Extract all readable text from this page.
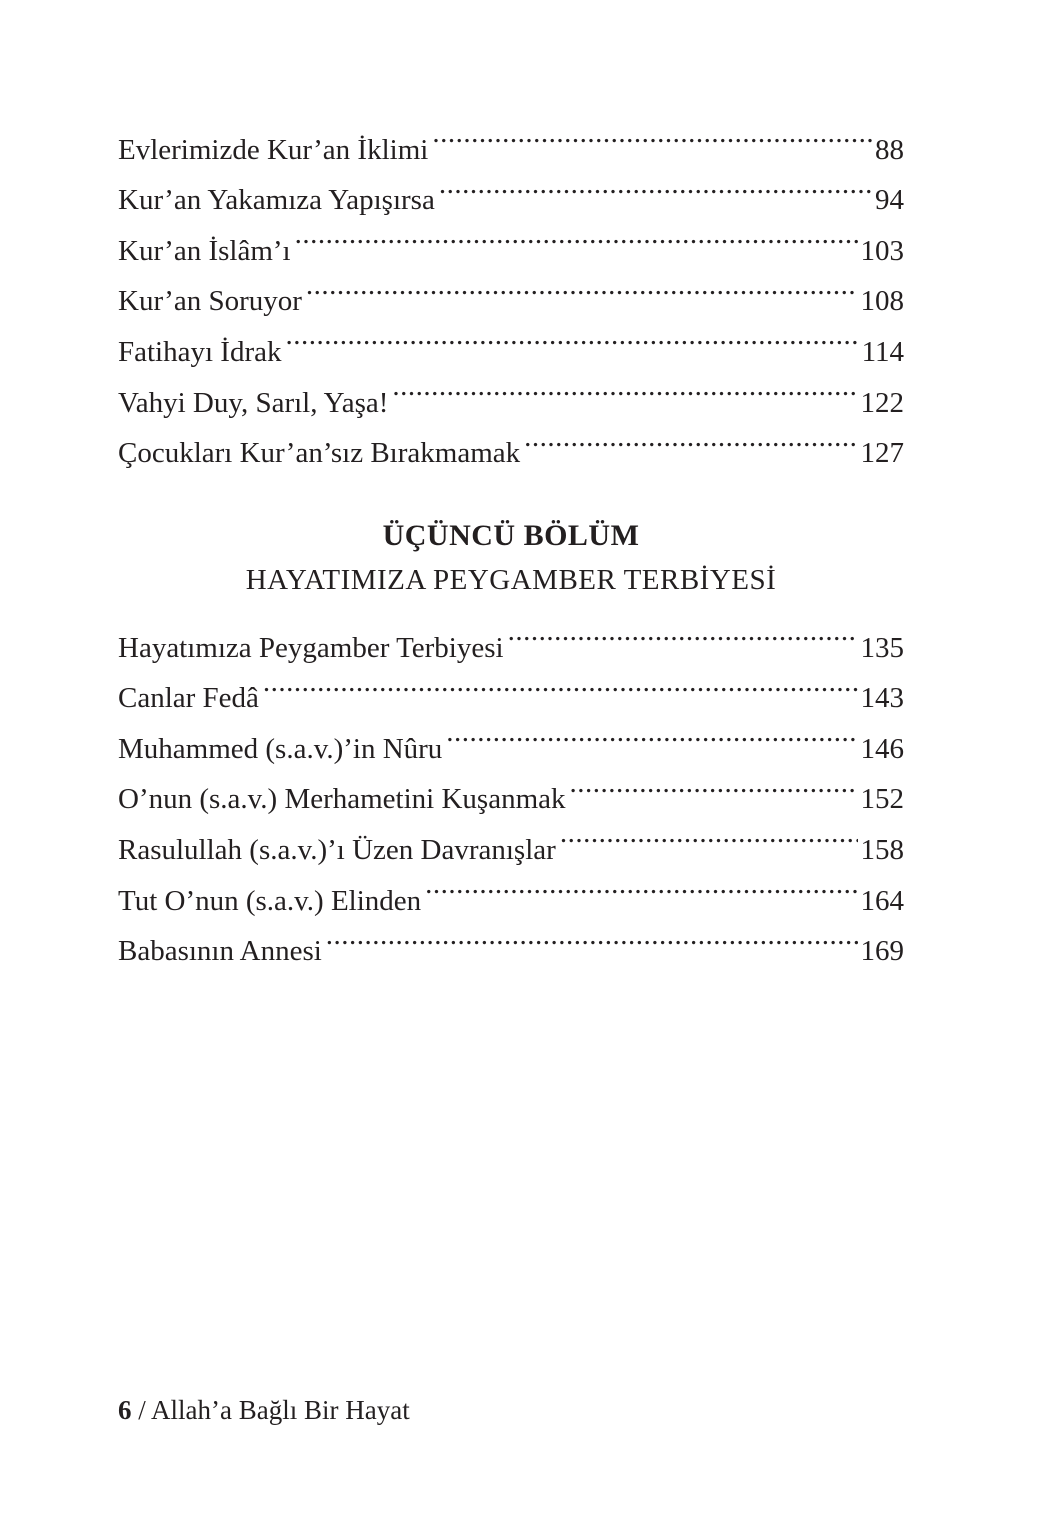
Evlerimizde Kur’an İklimi .....	88
Kur’an Yakamıza Yapışırsa .....	94
Kur’an İslâm’ı .....	103
Kur’an Soruyor .....	108
Fatihayı İdrak .....	114
Vahyi Duy, Sarıl, Yaşa! .....	122
Çocukları Kur’an’sız Bırakmamak .....	127
ÜÇÜNCÜ BÖLÜM
HAYATIMIZA PEYGAMBER TERBİYESİ
Hayatımıza Peygamber Terbiyesi .....	135
Canlar Fedâ .....	143
Muhammed (s.a.v.)’in Nûru .....	146
O’nun (s.a.v.) Merhametini Kuşanmak .....	152
Rasulullah (s.a.v.)’ı Üzen Davranışlar .....	158
Tut O’nun (s.a.v.) Elinden .....	164
Babasının Annesi .....	169
6 / Allah’a Bağlı Bir Hayat
